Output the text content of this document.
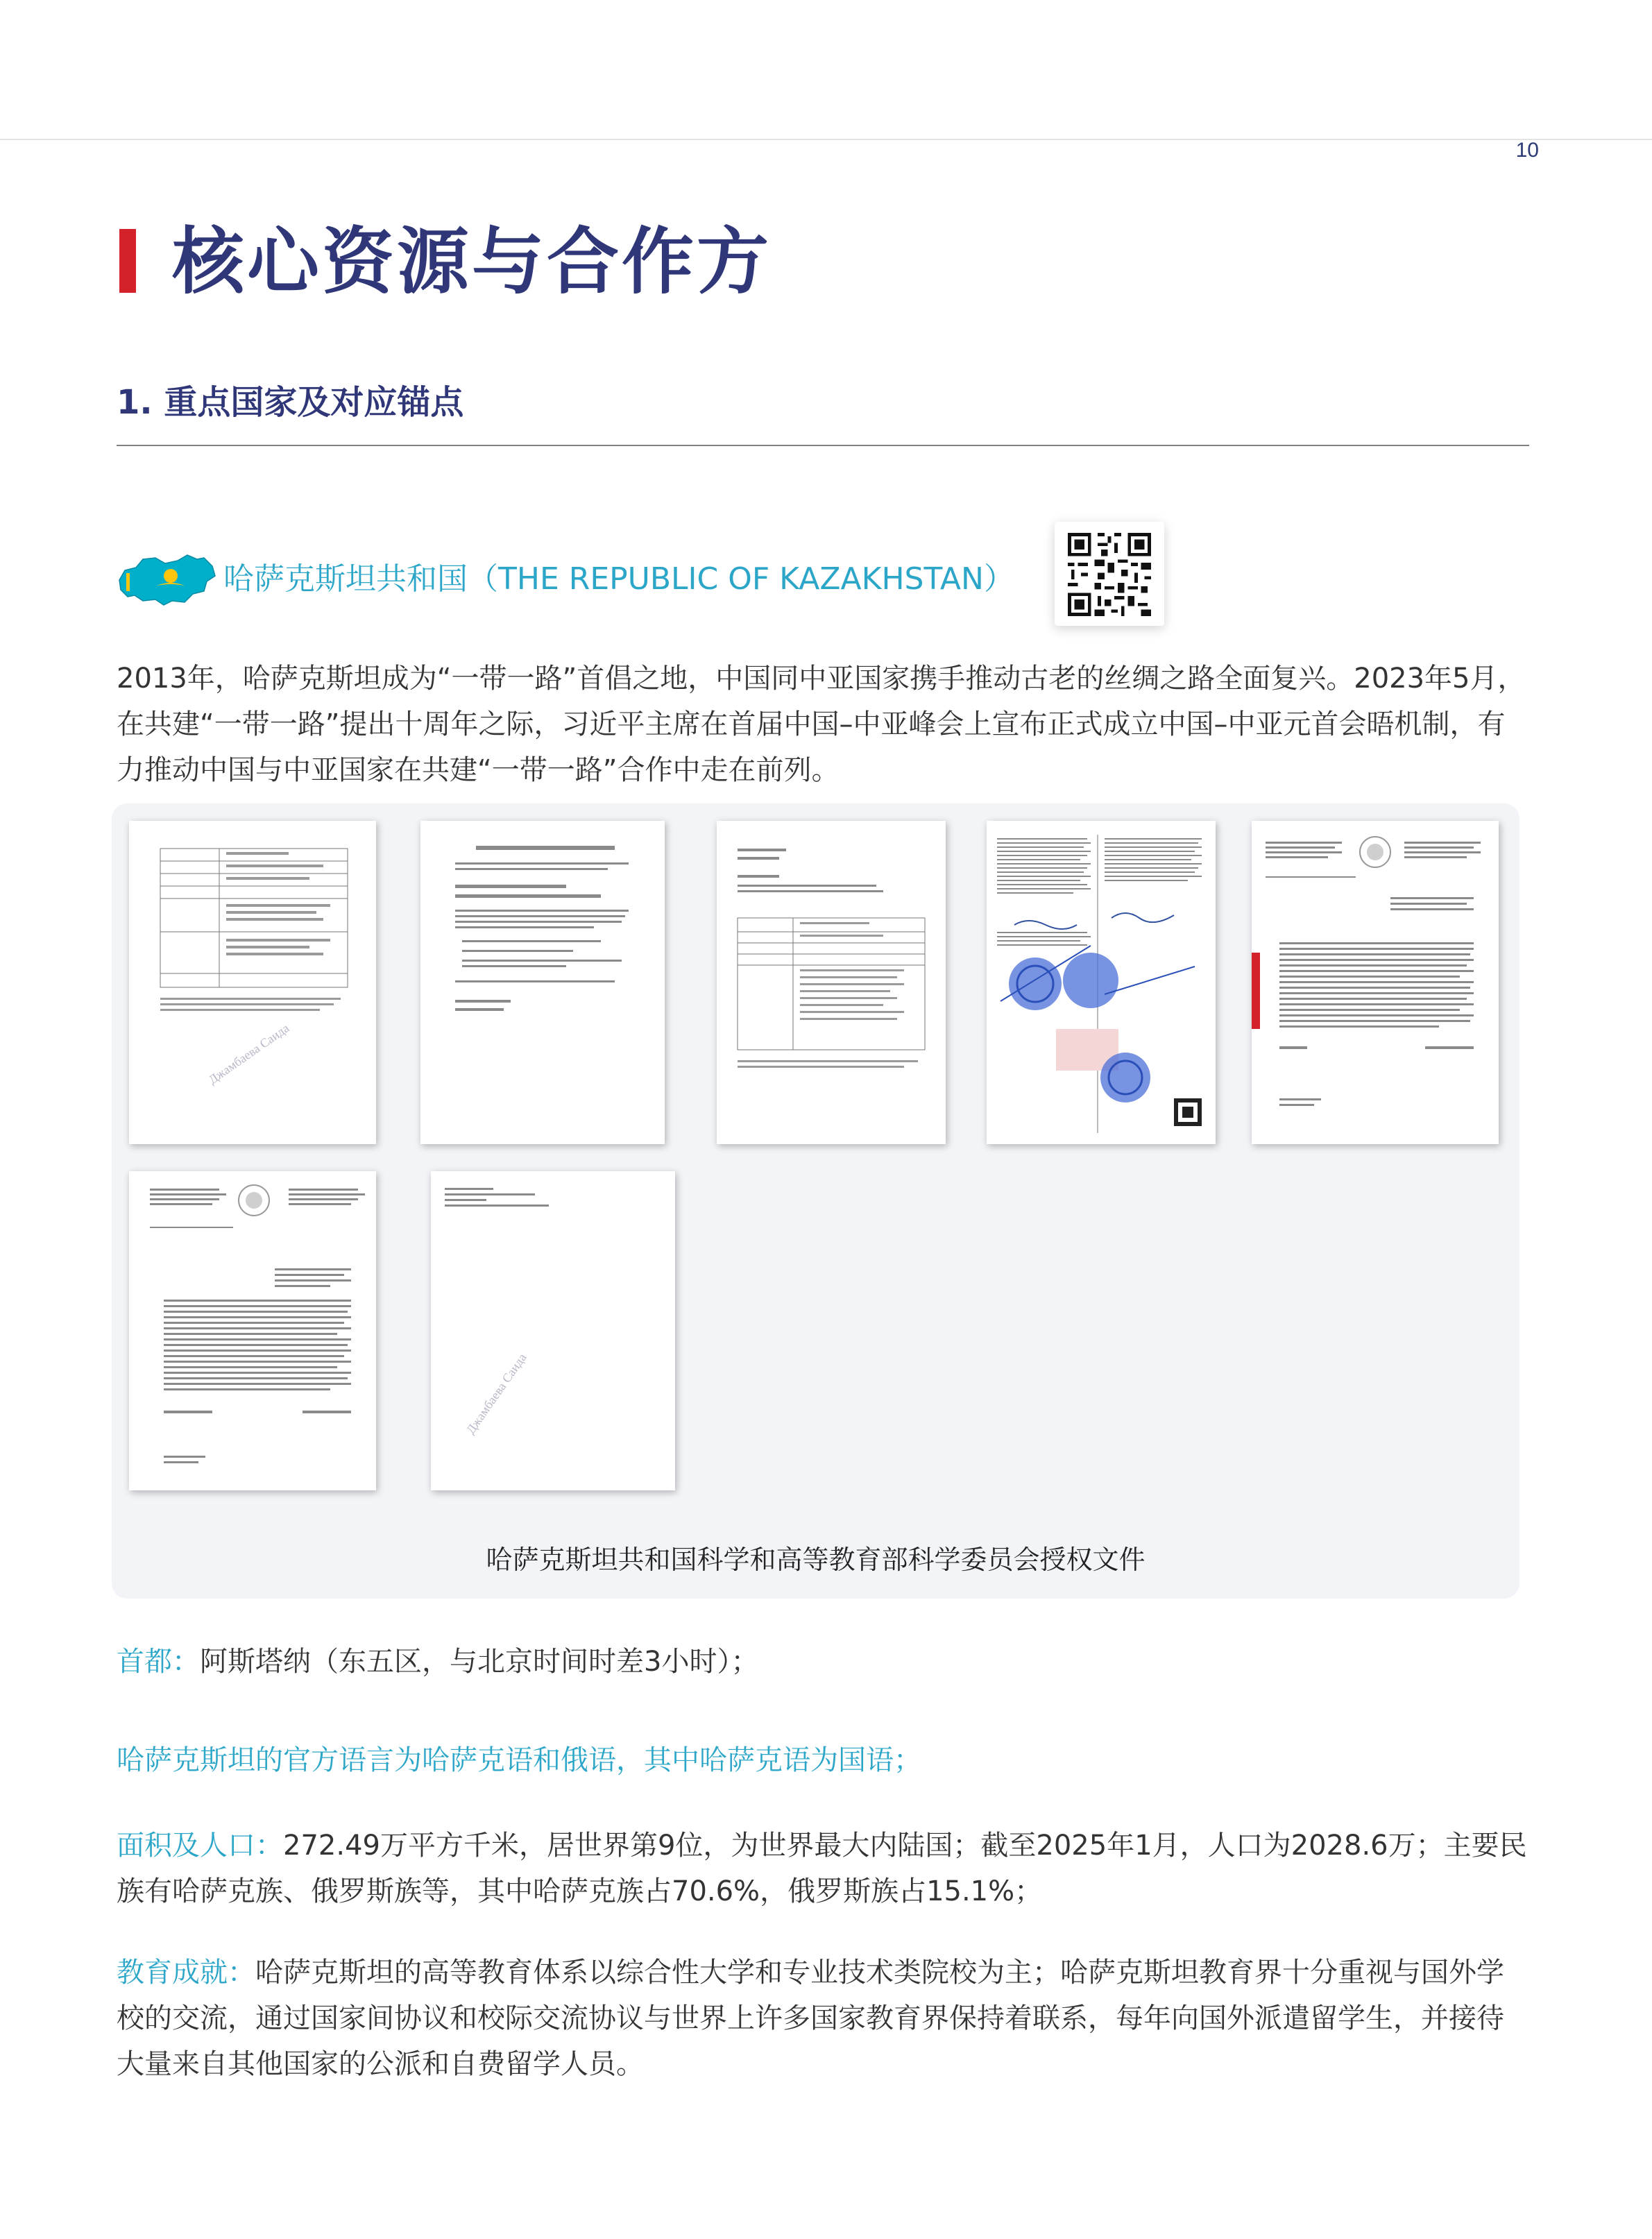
10
核心资源与合作方
1. 重点国家及对应锚点
哈萨克斯坦共和国（THE REPUBLIC OF KAZAKHSTAN）

2013年，哈萨克斯坦成为“一带一路”首倡之地，中国同中亚国家携手推动古老的丝绸之路全面复兴。2023年5月，在共建“一带一路”提出十周年之际，习近平主席在首届中国–中亚峰会上宣布正式成立中国–中亚元首会晤机制，有力推动中国与中亚国家在共建“一带一路”合作中走在前列。

Джамбаева Саида
Джамбаева Саида
哈萨克斯坦共和国科学和高等教育部科学委员会授权文件

首都：阿斯塔纳（东五区，与北京时间时差3小时）；

哈萨克斯坦的官方语言为哈萨克语和俄语，其中哈萨克语为国语；

面积及人口：272.49万平方千米，居世界第9位，为世界最大内陆国；截至2025年1月，人口为2028.6万；主要民族有哈萨克族、俄罗斯族等，其中哈萨克族占70.6%，俄罗斯族占15.1%；

教育成就：哈萨克斯坦的高等教育体系以综合性大学和专业技术类院校为主；哈萨克斯坦教育界十分重视与国外学校的交流，通过国家间协议和校际交流协议与世界上许多国家教育界保持着联系，每年向国外派遣留学生，并接待大量来自其他国家的公派和自费留学人员。
